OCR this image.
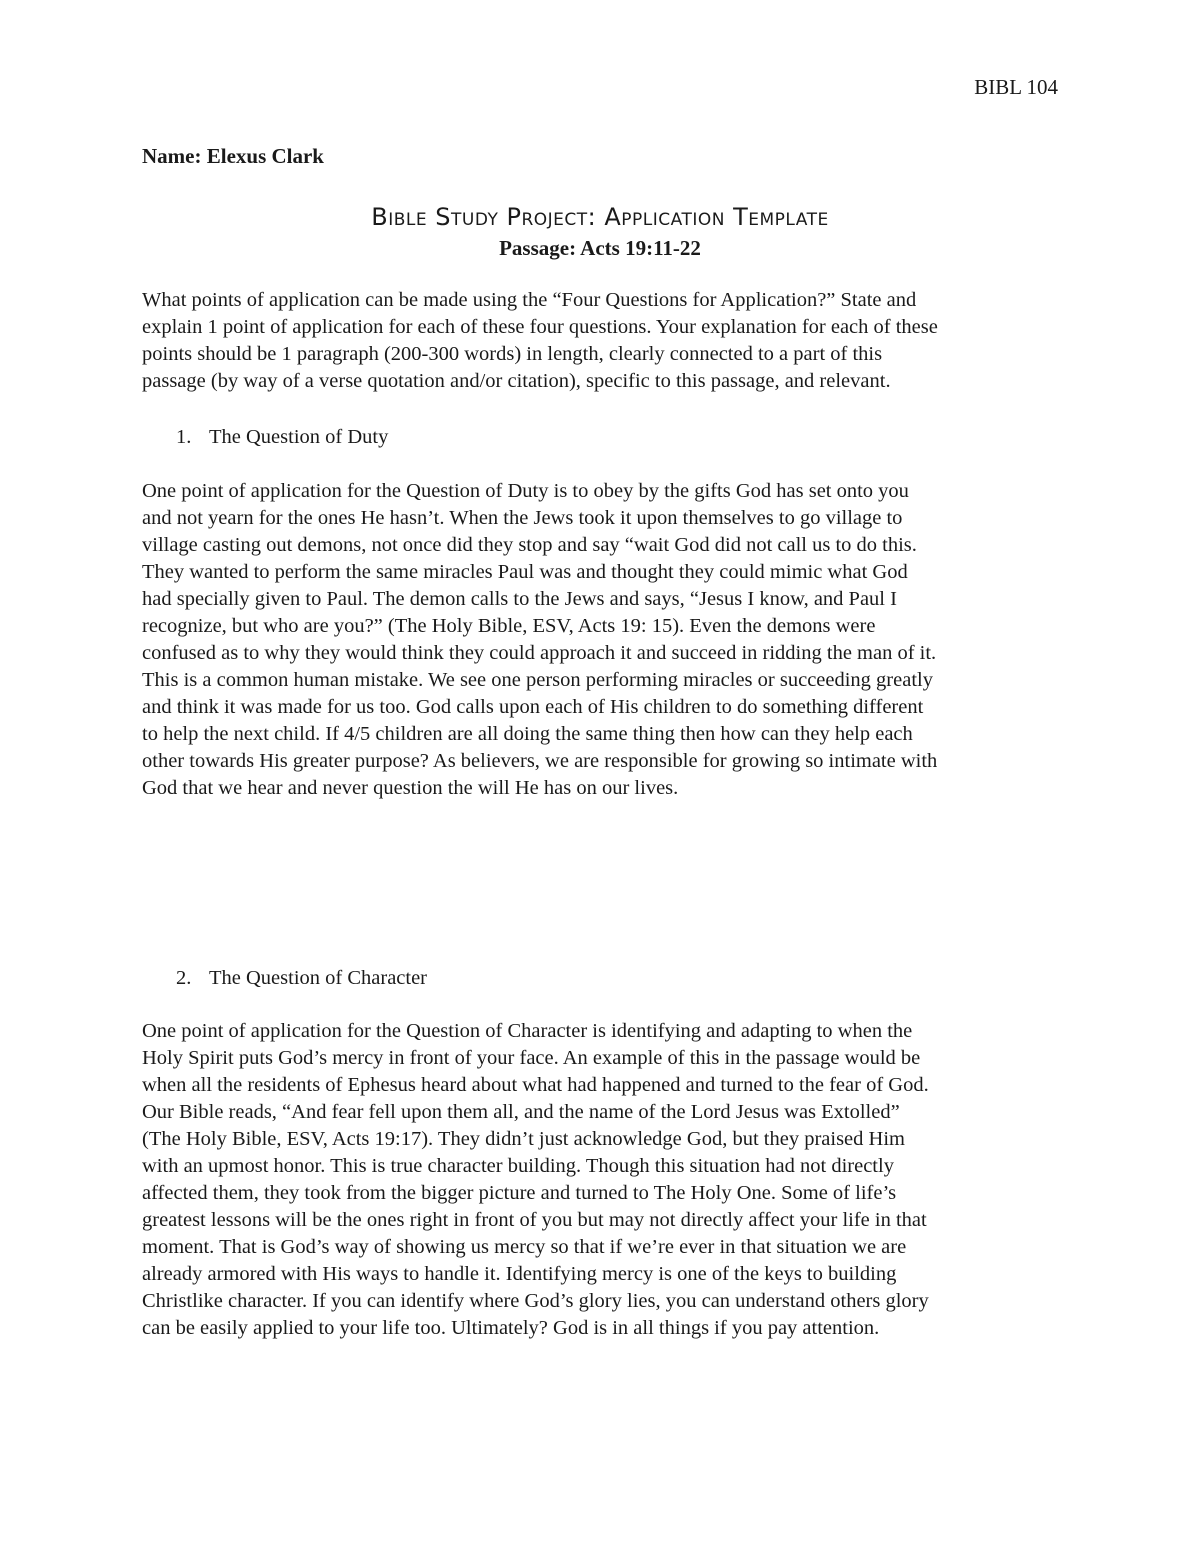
BIBL 104
Name: Elexus Clark
Bible Study Project: Application Template
Passage: Acts 19:11-22
What points of application can be made using the “Four Questions for Application?” State and
explain 1 point of application for each of these four questions. Your explanation for each of these
points should be 1 paragraph (200-300 words) in length, clearly connected to a part of this
passage (by way of a verse quotation and/or citation), specific to this passage, and relevant.
1. The Question of Duty
One point of application for the Question of Duty is to obey by the gifts God has set onto you
and not yearn for the ones He hasn’t. When the Jews took it upon themselves to go village to
village casting out demons, not once did they stop and say “wait God did not call us to do this.
They wanted to perform the same miracles Paul was and thought they could mimic what God
had specially given to Paul. The demon calls to the Jews and says, “Jesus I know, and Paul I
recognize, but who are you?” (The Holy Bible, ESV, Acts 19: 15). Even the demons were
confused as to why they would think they could approach it and succeed in ridding the man of it.
This is a common human mistake. We see one person performing miracles or succeeding greatly
and think it was made for us too. God calls upon each of His children to do something different
to help the next child. If 4/5 children are all doing the same thing then how can they help each
other towards His greater purpose? As believers, we are responsible for growing so intimate with
God that we hear and never question the will He has on our lives.
2. The Question of Character
One point of application for the Question of Character is identifying and adapting to when the
Holy Spirit puts God’s mercy in front of your face. An example of this in the passage would be
when all the residents of Ephesus heard about what had happened and turned to the fear of God.
Our Bible reads, “And fear fell upon them all, and the name of the Lord Jesus was Extolled”
(The Holy Bible, ESV, Acts 19:17). They didn’t just acknowledge God, but they praised Him
with an upmost honor. This is true character building. Though this situation had not directly
affected them, they took from the bigger picture and turned to The Holy One. Some of life’s
greatest lessons will be the ones right in front of you but may not directly affect your life in that
moment. That is God’s way of showing us mercy so that if we’re ever in that situation we are
already armored with His ways to handle it. Identifying mercy is one of the keys to building
Christlike character. If you can identify where God’s glory lies, you can understand others glory
can be easily applied to your life too. Ultimately? God is in all things if you pay attention.
